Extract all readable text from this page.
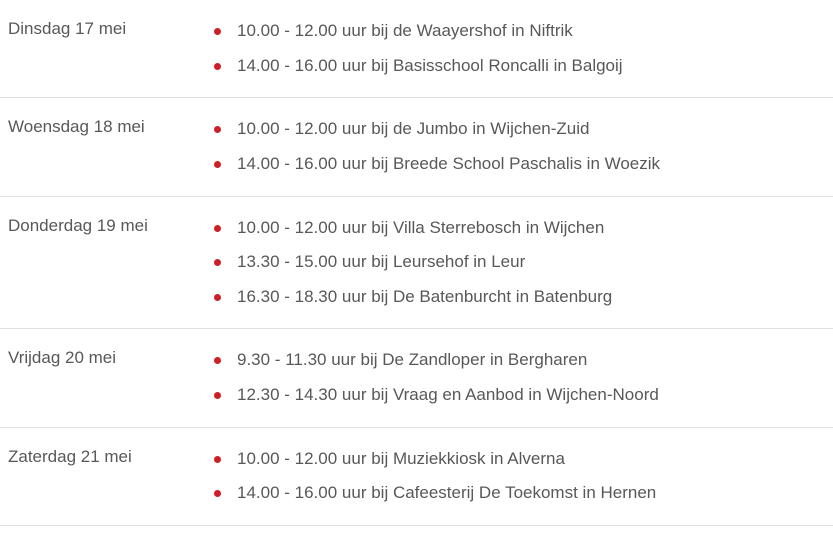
Dinsdag 17 mei	10.00 - 12.00 uur bij de Waayershof in Niftrik
14.00 - 16.00 uur bij Basisschool Roncalli in Balgoij
Woensdag 18 mei	10.00 - 12.00 uur bij de Jumbo in Wijchen-Zuid
14.00 - 16.00 uur bij Breede School Paschalis in Woezik
Donderdag 19 mei	10.00 - 12.00 uur bij Villa Sterrebosch in Wijchen
13.30 - 15.00 uur bij Leursehof in Leur
16.30 - 18.30 uur bij De Batenburcht in Batenburg
Vrijdag 20 mei	9.30 - 11.30 uur bij De Zandloper in Bergharen
12.30 - 14.30 uur bij Vraag en Aanbod in Wijchen-Noord
Zaterdag 21 mei	10.00 - 12.00 uur bij Muziekkiosk in Alverna
14.00 - 16.00 uur bij Cafeesterij De Toekomst in Hernen
